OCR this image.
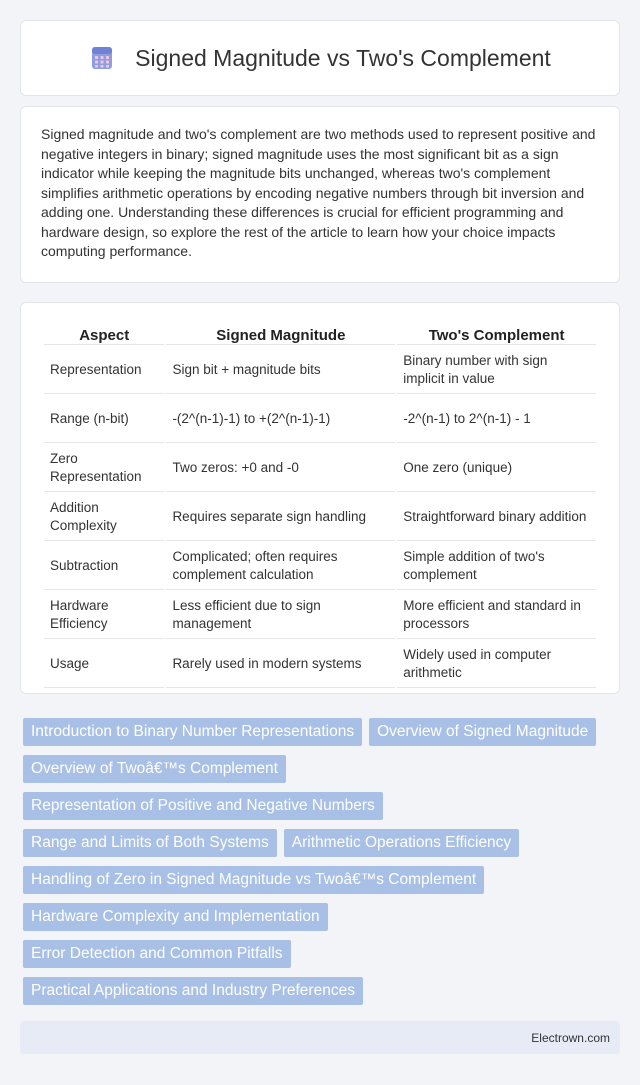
Signed Magnitude vs Two's Complement

Signed magnitude and two's complement are two methods used to represent positive and negative integers in binary; signed magnitude uses the most significant bit as a sign indicator while keeping the magnitude bits unchanged, whereas two's complement simplifies arithmetic operations by encoding negative numbers through bit inversion and adding one. Understanding these differences is crucial for efficient programming and hardware design, so explore the rest of the article to learn how your choice impacts computing performance.

Aspect	Signed Magnitude	Two's Complement
Representation	Sign bit + magnitude bits	Binary number with sign implicit in value
Range (n-bit)	-(2^(n-1)-1) to +(2^(n-1)-1)	-2^(n-1) to 2^(n-1) - 1
Zero Representation	Two zeros: +0 and -0	One zero (unique)
Addition Complexity	Requires separate sign handling	Straightforward binary addition
Subtraction	Complicated; often requires complement calculation	Simple addition of two's complement
Hardware Efficiency	Less efficient due to sign management	More efficient and standard in processors
Usage	Rarely used in modern systems	Widely used in computer arithmetic
Introduction to Binary Number Representations	Overview of Signed Magnitude
Overview of Twoâ€™s Complement
Representation of Positive and Negative Numbers
Range and Limits of Both Systems	Arithmetic Operations Efficiency
Handling of Zero in Signed Magnitude vs Twoâ€™s Complement
Hardware Complexity and Implementation
Error Detection and Common Pitfalls
Practical Applications and Industry Preferences
Electrown.com
